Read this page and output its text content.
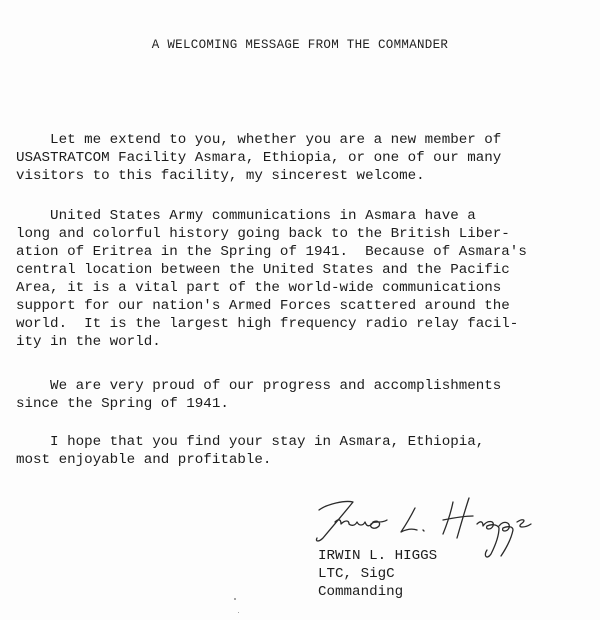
A WELCOMING MESSAGE FROM THE COMMANDER
Let me extend to you, whether you are a new member of
USASTRATCOM Facility Asmara, Ethiopia, or one of our many
visitors to this facility, my sincerest welcome.
United States Army communications in Asmara have a
long and colorful history going back to the British Liber-
ation of Eritrea in the Spring of 1941.  Because of Asmara's
central location between the United States and the Pacific
Area, it is a vital part of the world-wide communications
support for our nation's Armed Forces scattered around the
world.  It is the largest high frequency radio relay facil-
ity in the world.
We are very proud of our progress and accomplishments
since the Spring of 1941.
I hope that you find your stay in Asmara, Ethiopia,
most enjoyable and profitable.
IRWIN L. HIGGS
LTC, SigC
Commanding
